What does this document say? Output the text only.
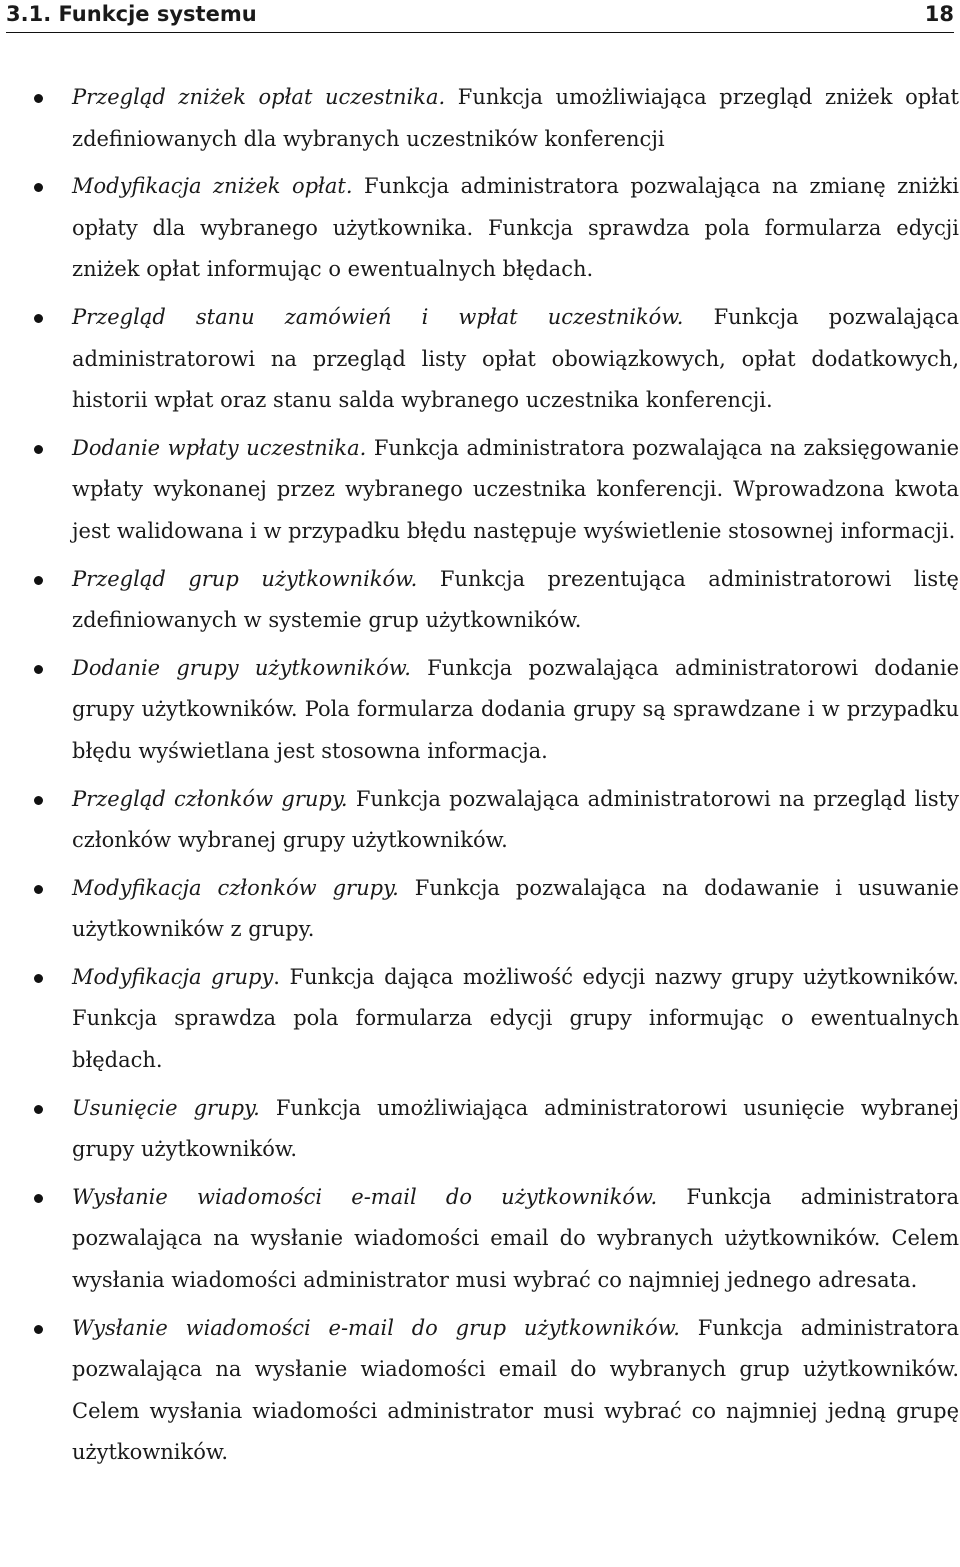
3.1. Funkcje systemu	18
Przegląd zniżek opłat uczestnika. Funkcja umożliwiająca przegląd zniżek opłat zdefiniowanych dla wybranych uczestników konferencji
Modyfikacja zniżek opłat. Funkcja administratora pozwalająca na zmianę zniżki opłaty dla wybranego użytkownika. Funkcja sprawdza pola formularza edycji zniżek opłat informując o ewentualnych błędach.
Przegląd stanu zamówień i wpłat uczestników. Funkcja pozwalająca administratorowi na przegląd listy opłat obowiązkowych, opłat dodatkowych, historii wpłat oraz stanu salda wybranego uczestnika konferencji.
Dodanie wpłaty uczestnika. Funkcja administratora pozwalająca na zaksięgowanie wpłaty wykonanej przez wybranego uczestnika konferencji. Wprowadzona kwota jest walidowana i w przypadku błędu następuje wyświetlenie stosownej informacji.
Przegląd grup użytkowników. Funkcja prezentująca administratorowi listę zdefiniowanych w systemie grup użytkowników.
Dodanie grupy użytkowników. Funkcja pozwalająca administratorowi dodanie grupy użytkowników. Pola formularza dodania grupy są sprawdzane i w przypadku błędu wyświetlana jest stosowna informacja.
Przegląd członków grupy. Funkcja pozwalająca administratorowi na przegląd listy członków wybranej grupy użytkowników.
Modyfikacja członków grupy. Funkcja pozwalająca na dodawanie i usuwanie użytkowników z grupy.
Modyfikacja grupy. Funkcja dająca możliwość edycji nazwy grupy użytkowników. Funkcja sprawdza pola formularza edycji grupy informując o ewentualnych błędach.
Usunięcie grupy. Funkcja umożliwiająca administratorowi usunięcie wybranej grupy użytkowników.
Wysłanie wiadomości e-mail do użytkowników. Funkcja administratora pozwalająca na wysłanie wiadomości email do wybranych użytkowników. Celem wysłania wiadomości administrator musi wybrać co najmniej jednego adresata.
Wysłanie wiadomości e-mail do grup użytkowników. Funkcja administratora pozwalająca na wysłanie wiadomości email do wybranych grup użytkowników. Celem wysłania wiadomości administrator musi wybrać co najmniej jedną grupę użytkowników.
